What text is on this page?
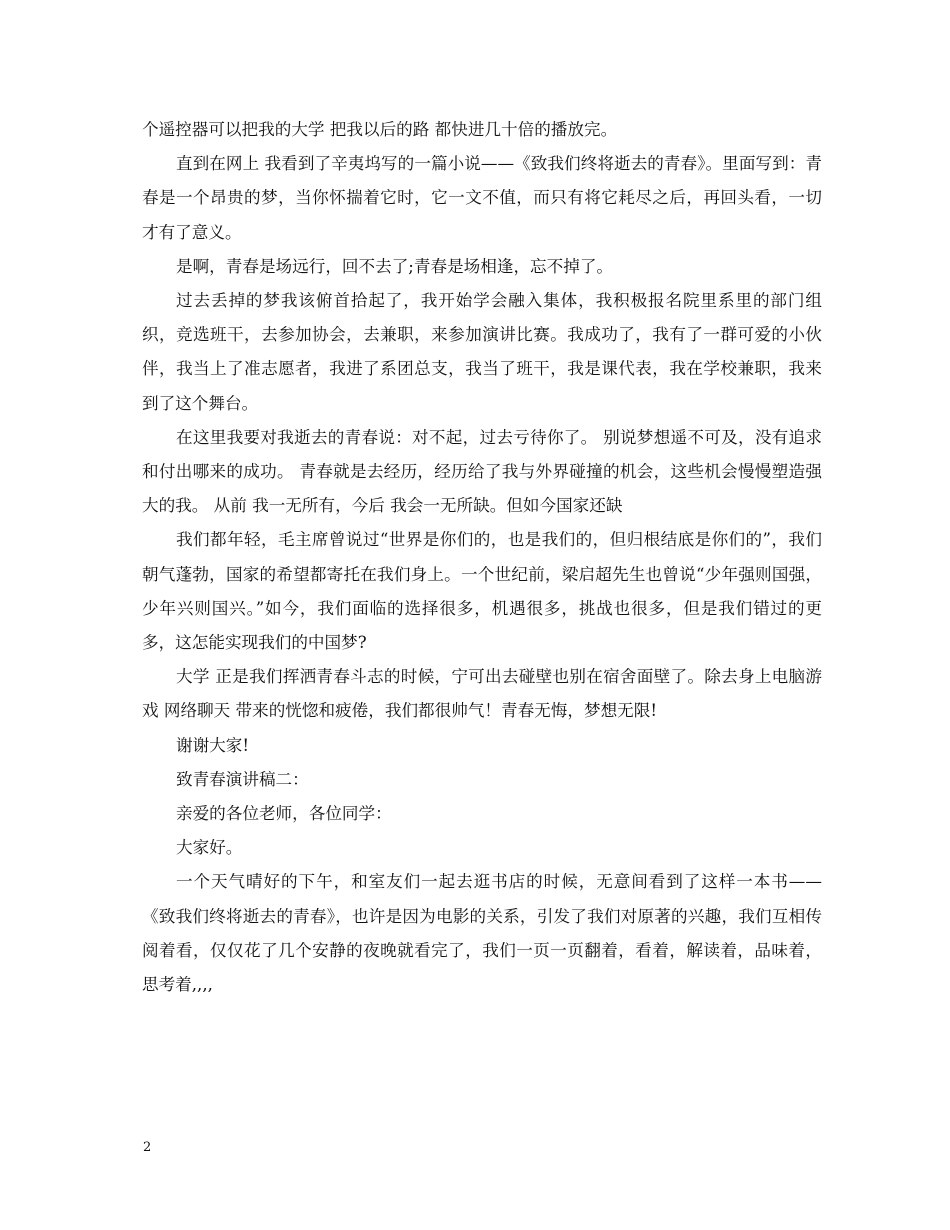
个遥控器可以把我的大学 把我以后的路 都快进几十倍的播放完。

直到在网上 我看到了辛夷坞写的一篇小说——《致我们终将逝去的青春》。里面写到：青春是一个昂贵的梦，当你怀揣着它时，它一文不值，而只有将它耗尽之后，再回头看，一切才有了意义。

是啊，青春是场远行，回不去了;青春是场相逢，忘不掉了。

过去丢掉的梦我该俯首拾起了，我开始学会融入集体，我积极报名院里系里的部门组织，竞选班干，去参加协会，去兼职，来参加演讲比赛。我成功了，我有了一群可爱的小伙伴，我当上了准志愿者，我进了系团总支，我当了班干，我是课代表，我在学校兼职，我来到了这个舞台。

在这里我要对我逝去的青春说：对不起，过去亏待你了。 别说梦想遥不可及，没有追求和付出哪来的成功。 青春就是去经历，经历给了我与外界碰撞的机会，这些机会慢慢塑造强大的我。 从前 我一无所有，今后 我会一无所缺。但如今国家还缺

我们都年轻，毛主席曾说过“世界是你们的，也是我们的，但归根结底是你们的”，我们朝气蓬勃，国家的希望都寄托在我们身上。一个世纪前，梁启超先生也曾说“少年强则国强，少年兴则国兴。”如今，我们面临的选择很多，机遇很多，挑战也很多，但是我们错过的更多，这怎能实现我们的中国梦?

大学 正是我们挥洒青春斗志的时候，宁可出去碰壁也别在宿舍面壁了。除去身上电脑游戏 网络聊天 带来的恍惚和疲倦，我们都很帅气！青春无悔，梦想无限!

谢谢大家!

致青春演讲稿二：

亲爱的各位老师，各位同学：

大家好。

一个天气晴好的下午，和室友们一起去逛书店的时候，无意间看到了这样一本书——《致我们终将逝去的青春》，也许是因为电影的关系，引发了我们对原著的兴趣，我们互相传阅着看，仅仅花了几个安静的夜晚就看完了，我们一页一页翻着，看着，解读着，品味着，思考着,,,,

2
